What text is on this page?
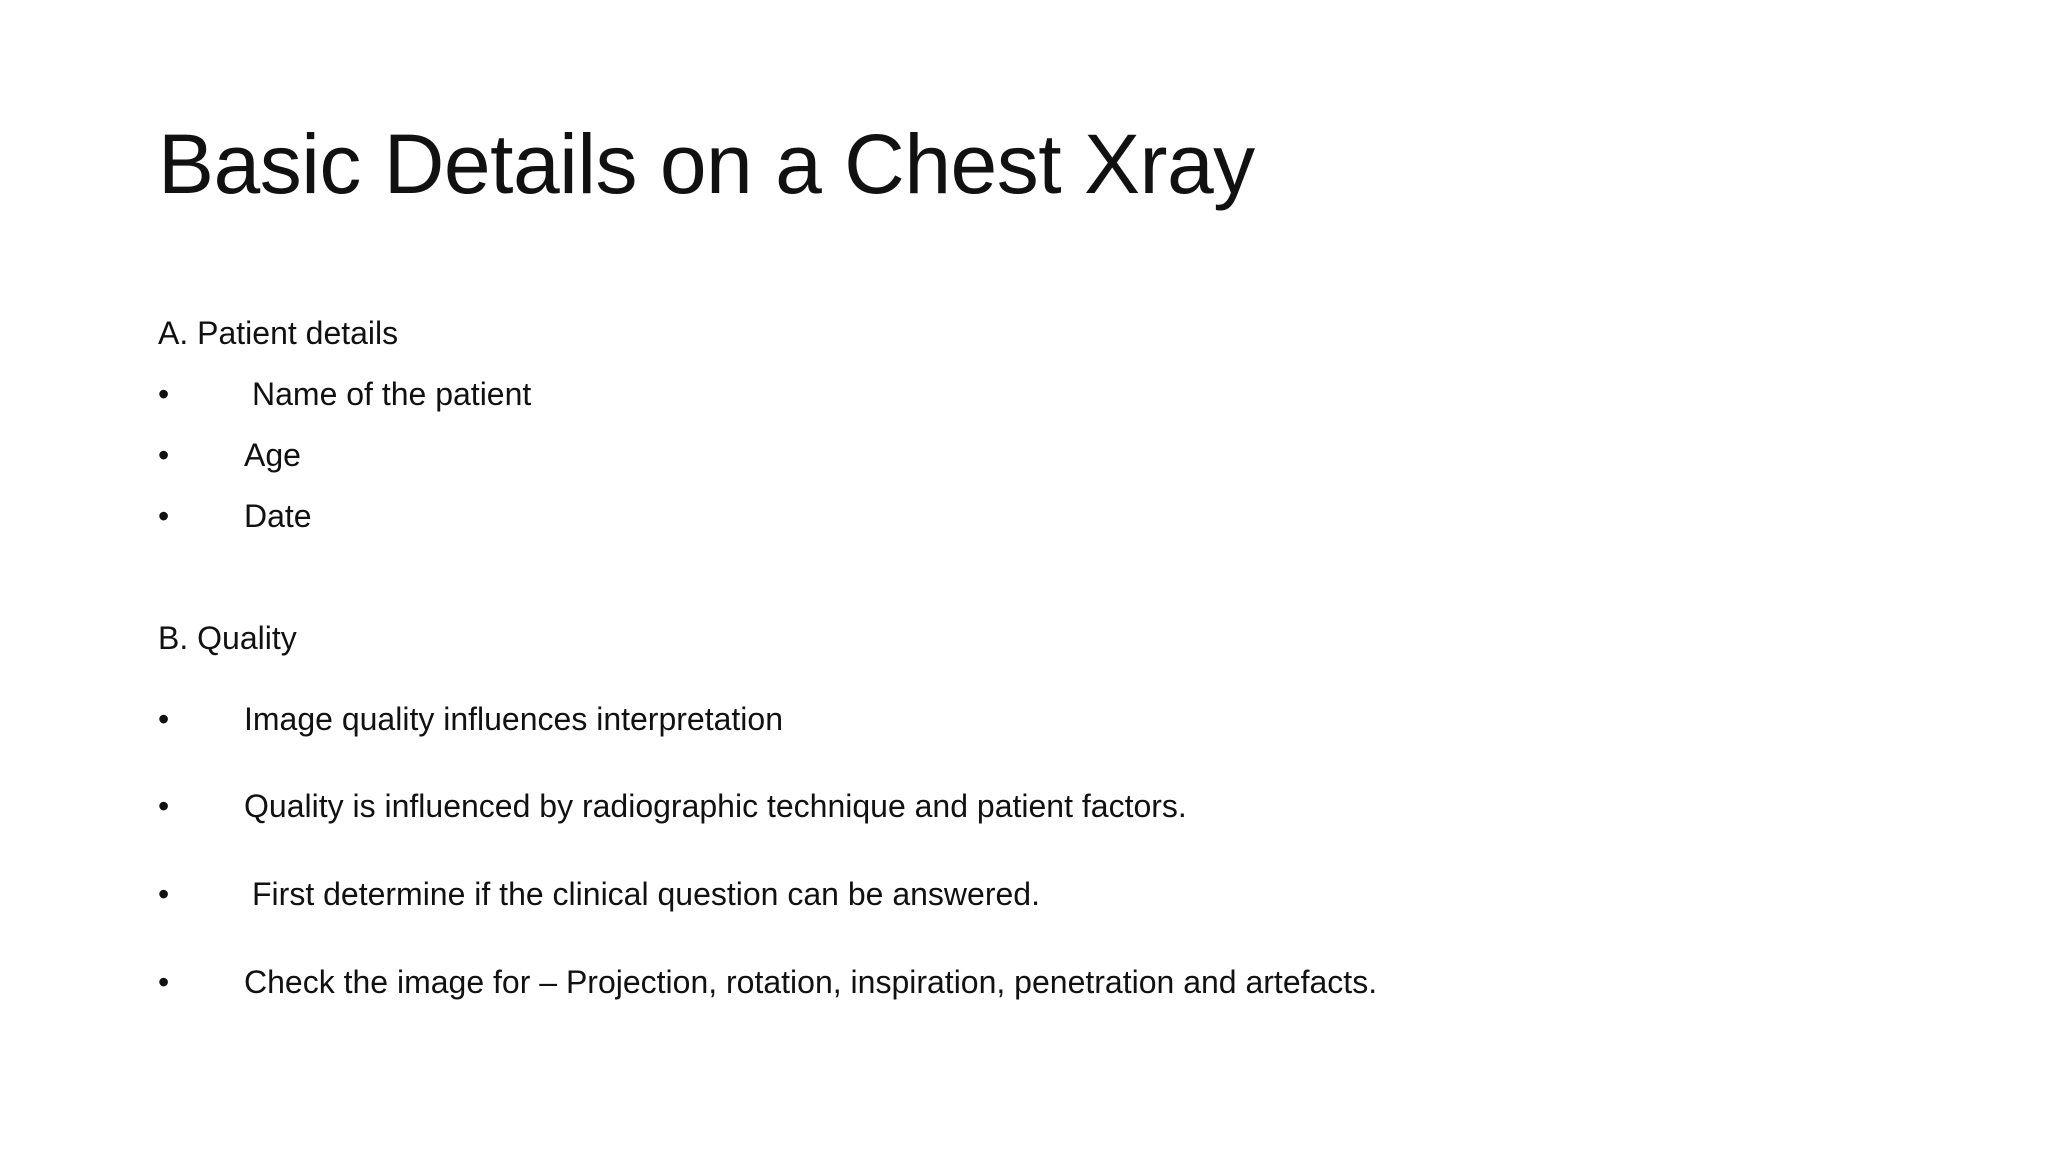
Basic Details on a Chest Xray
A. Patient details
•	Name of the patient
• Age
• Date
B. Quality
• Image quality influences interpretation
• Quality is influenced by radiographic technique and patient factors.
•	First determine if the clinical question can be answered.
• Check the image for – Projection, rotation, inspiration, penetration and artefacts.
